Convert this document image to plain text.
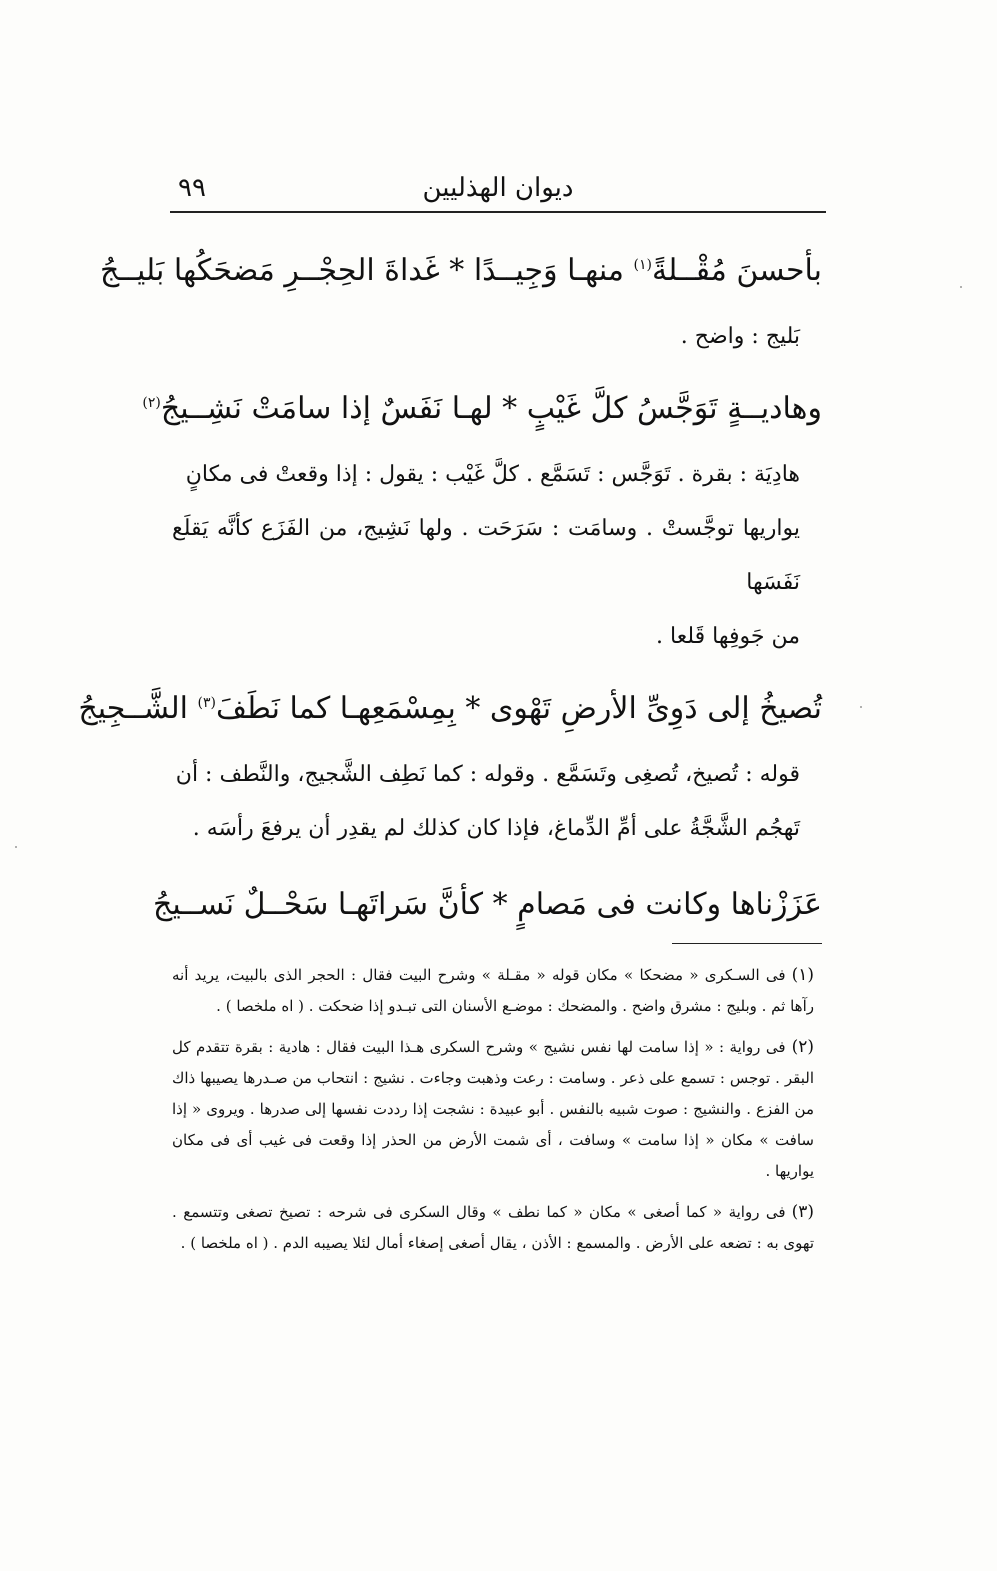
ديوان الهذليين
٩٩
بأحسنَ مُقْــلةً$^{(١)}$ منهـا وَجِيــدًا * غَداةَ الحِجْــرِ مَضحَكُها بَليــجُ
بَليج : واضح .
وهاديــةٍ تَوَجَّسُ كلَّ غَيْبٍ * لهـا نَفَسٌ إذا سامَتْ نَشِــيجُ$^{(٢)}$
هادِيَة : بقرة . تَوَجَّس : تَسَمَّع . كلَّ غَيْب : يقول : إذا وقعتْ فى مكانٍ
يواريها توجَّستْ . وسامَت : سَرَحَت . ولها نَشِيج، من الفَزَع كأنَّه يَقلَع نَفَسَها
من جَوفِها قَلعا .
تُصيخُ إلى دَوِىِّ الأرضِ تَهْوى * بِمِسْمَعِهـا كما نَطَفَ$^{(٣)}$ الشَّــجِيجُ
قوله : تُصيخ، تُصغِى وتَسَمَّع . وقوله : كما نَطِف الشَّجيج، والنَّطف : أن
تَهجُم الشَّجَّةُ على أمِّ الدِّماغ، فإذا كان كذلك لم يقدِر أن يرفعَ رأسَه .
عَزَزْناها وكانت فى مَصامٍ * كأنَّ سَراتَهـا سَحْــلٌ نَســيجُ
(١)فى السـكرى « مضحكا » مكان قوله « مقـلة » وشرح البيت فقال : الحجر الذى بالبيت، يريد أنه رآها ثم . وبليج : مشرق واضح . والمضحك : موضـع الأسنان التى تبـدو إذا ضحكت . ( اه ملخصا ) .
(٢)فى رواية : « إذا سامت لها نفس نشيج » وشرح السكرى هـذا البيت فقال : هادية : بقرة تتقدم كل البقر . توجس : تسمع على ذعر . وسامت : رعت وذهبت وجاءت . نشيج : انتحاب من صـدرها يصيبها ذاك من الفزع . والنشيج : صوت شبيه بالنفس . أبو عبيدة : نشجت إذا رددت نفسها إلى صدرها . ويروى « إذا سافت » مكان « إذا سامت » وسافت ، أى شمت الأرض من الحذر إذا وقعت فى غيب أى فى مكان يواريها .
(٣)فى رواية « كما أصغى » مكان « كما نطف » وقال السكرى فى شرحه : تصيخ تصغى وتتسمع . تهوى به : تضعه على الأرض . والمسمع : الأذن ، يقال أصغى إصغاء أمال لئلا يصيبه الدم . ( اه ملخصا ) .
